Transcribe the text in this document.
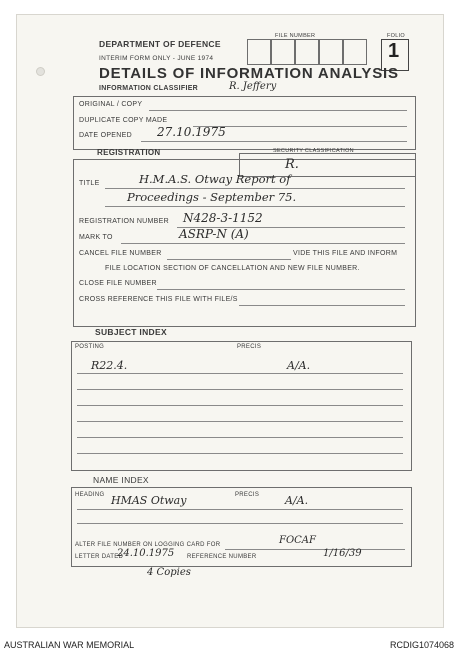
DEPARTMENT OF DEFENCE
FILE NUMBER	FOLIO
1
INTERIM FORM ONLY - JUNE 1974
DETAILS OF INFORMATION ANALYSIS
INFORMATION CLASSIFIER	R. Jeffery
ORIGINAL / COPY
DUPLICATE COPY MADE
DATE OPENED 27.10.1975
REGISTRATION	SECURITY CLASSIFICATION
R.
TITLE	H.M.A.S. Otway Report of
Proceedings - September 75.
REGISTRATION NUMBER N428-3-1152
MARK TO	ASRP-N (A)
CANCEL FILE NUMBER	VIDE THIS FILE AND INFORM
FILE LOCATION SECTION OF CANCELLATION AND NEW FILE NUMBER.
CLOSE FILE NUMBER
CROSS REFERENCE THIS FILE WITH FILE/S
SUBJECT INDEX
POSTING	PRECIS
R22.4.	A/A.
NAME INDEX
HEADING HMAS Otway	PRECIS A/A.
ALTER FILE NUMBER ON LOGGING CARD FOR	FOCAF
LETTER DATED
24.10.1975 REFERENCE NUMBER	1/16/39
4 Copies
AUSTRALIAN WAR MEMORIAL	RCDIG1074068
